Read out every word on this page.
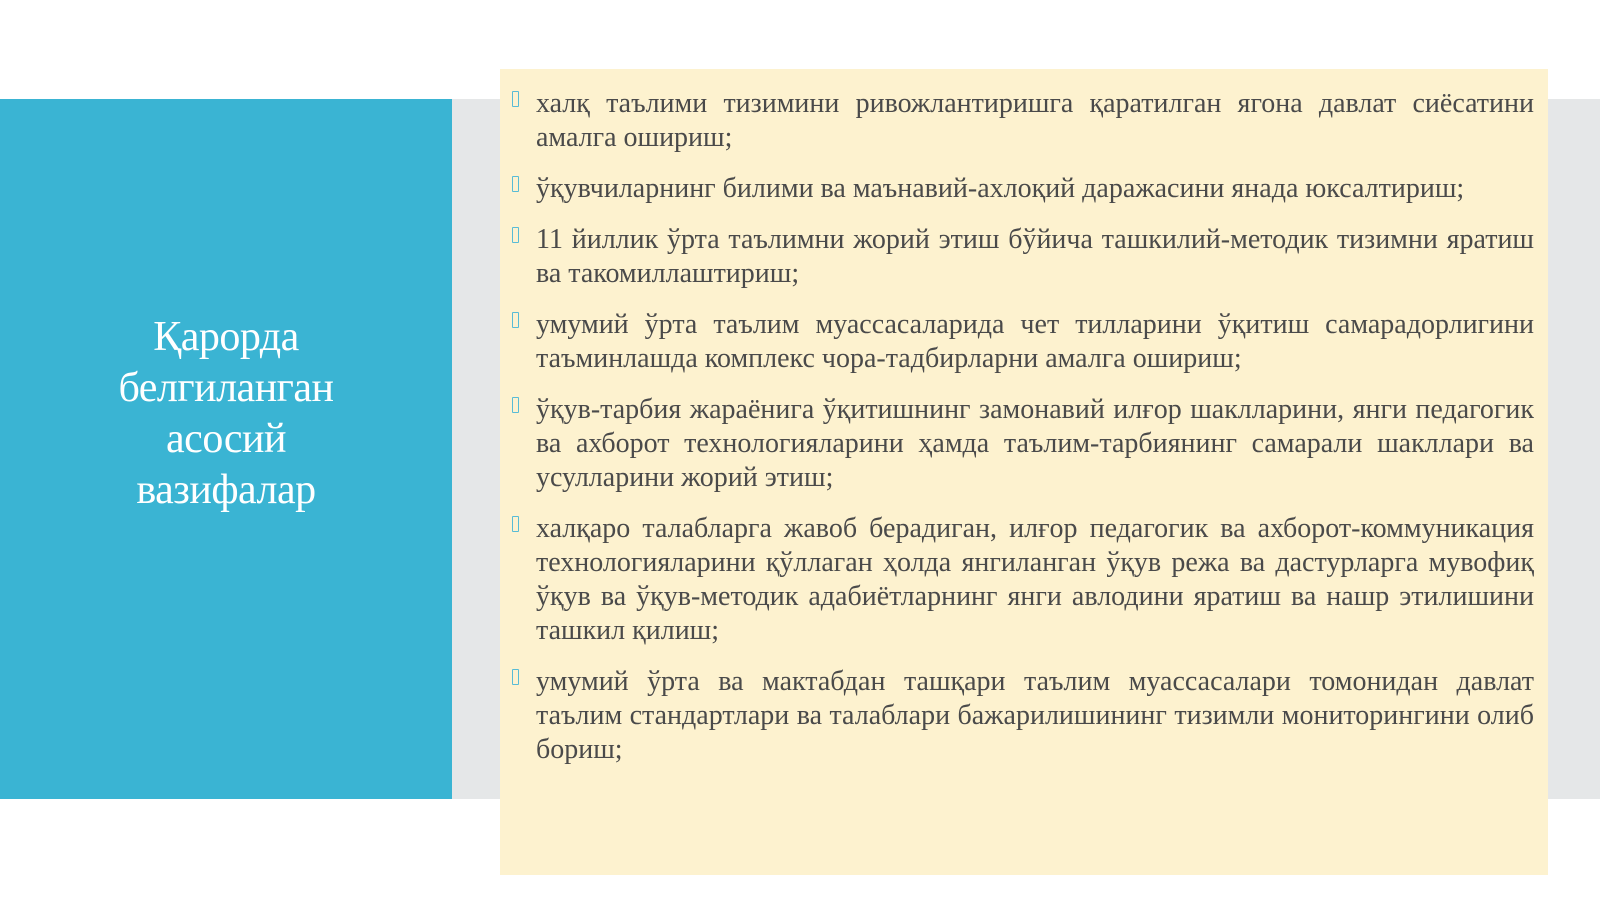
Қарорда
белгиланган
асосий
вазифалар
халқ таълими тизимини ривожлантиришга қаратилган ягона давлат сиёсатини амалга ошириш;
ўқувчиларнинг билими ва маънавий-ахлоқий даражасини янада юксалтириш;
11 йиллик ўрта таълимни жорий этиш бўйича ташкилий-методик тизимни яратиш ва такомиллаштириш;
умумий ўрта таълим муассасаларида чет тилларини ўқитиш самарадорлигини таъминлашда комплекс чора-тадбирларни амалга ошириш;
ўқув-тарбия жараёнига ўқитишнинг замонавий илғор шаклларини, янги педагогик ва ахборот технологияларини ҳамда таълим-тарбиянинг самарали шакллари ва усулларини жорий этиш;
халқаро талабларга жавоб берадиган, илғор педагогик ва ахборот-коммуникация технологияларини қўллаган ҳолда янгиланган ўқув режа ва дастурларга мувофиқ ўқув ва ўқув-методик адабиётларнинг янги авлодини яратиш ва нашр этилишини ташкил қилиш;
умумий ўрта ва мактабдан ташқари таълим муассасалари томонидан давлат таълим стандартлари ва талаблари бажарилишининг тизимли мониторингини олиб бориш;
